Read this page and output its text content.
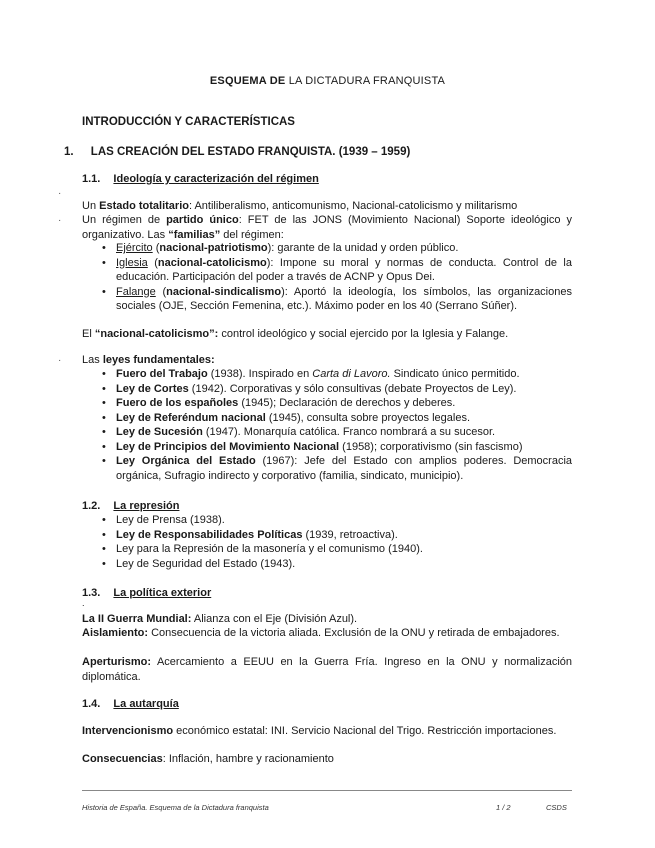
ESQUEMA DE LA DICTADURA FRANQUISTA
INTRODUCCIÓN Y CARACTERÍSTICAS
1. LAS CREACIÓN DEL ESTADO FRANQUISTA. (1939 – 1959)
1.1. Ideología y caracterización del régimen
·
Un Estado totalitario: Antiliberalismo, anticomunismo, Nacional-catolicismo y militarismo
· Un régimen de partido único: FET de las JONS (Movimiento Nacional) Soporte ideológico y organizativo. Las “familias” del régimen:
• Ejército (nacional-patriotismo): garante de la unidad y orden público.
• Iglesia (nacional-catolicismo): Impone su moral y normas de conducta. Control de la educación. Participación del poder a través de ACNP y Opus Dei.
• Falange (nacional-sindicalismo): Aportó la ideología, los símbolos, las organizaciones sociales (OJE, Sección Femenina, etc.). Máximo poder en los 40 (Serrano Súñer).
El “nacional-catolicismo”: control ideológico y social ejercido por la Iglesia y Falange.
· Las leyes fundamentales:
• Fuero del Trabajo (1938). Inspirado en Carta di Lavoro. Sindicato único permitido.
• Ley de Cortes (1942). Corporativas y sólo consultivas (debate Proyectos de Ley).
• Fuero de los españoles (1945); Declaración de derechos y deberes.
• Ley de Referéndum nacional (1945), consulta sobre proyectos legales.
• Ley de Sucesión (1947). Monarquía católica. Franco nombrará a su sucesor.
• Ley de Principios del Movimiento Nacional (1958); corporativismo (sin fascismo)
• Ley Orgánica del Estado (1967): Jefe del Estado con amplios poderes. Democracia orgánica, Sufragio indirecto y corporativo (familia, sindicato, municipio).
1.2. La represión
• Ley de Prensa (1938).
• Ley de Responsabilidades Políticas (1939, retroactiva).
• Ley para la Represión de la masonería y el comunismo (1940).
• Ley de Seguridad del Estado (1943).
1.3. La política exterior
.
La II Guerra Mundial: Alianza con el Eje (División Azul).
Aislamiento: Consecuencia de la victoria aliada. Exclusión de la ONU y retirada de embajadores.
Aperturismo: Acercamiento a EEUU en la Guerra Fría. Ingreso en la ONU y normalización diplomática.
1.4. La autarquía
Intervencionismo económico estatal: INI. Servicio Nacional del Trigo. Restricción importaciones.
Consecuencias: Inflación, hambre y racionamiento
Historia de España. Esquema de la Dictadura franquista	1 / 2	CSDS
